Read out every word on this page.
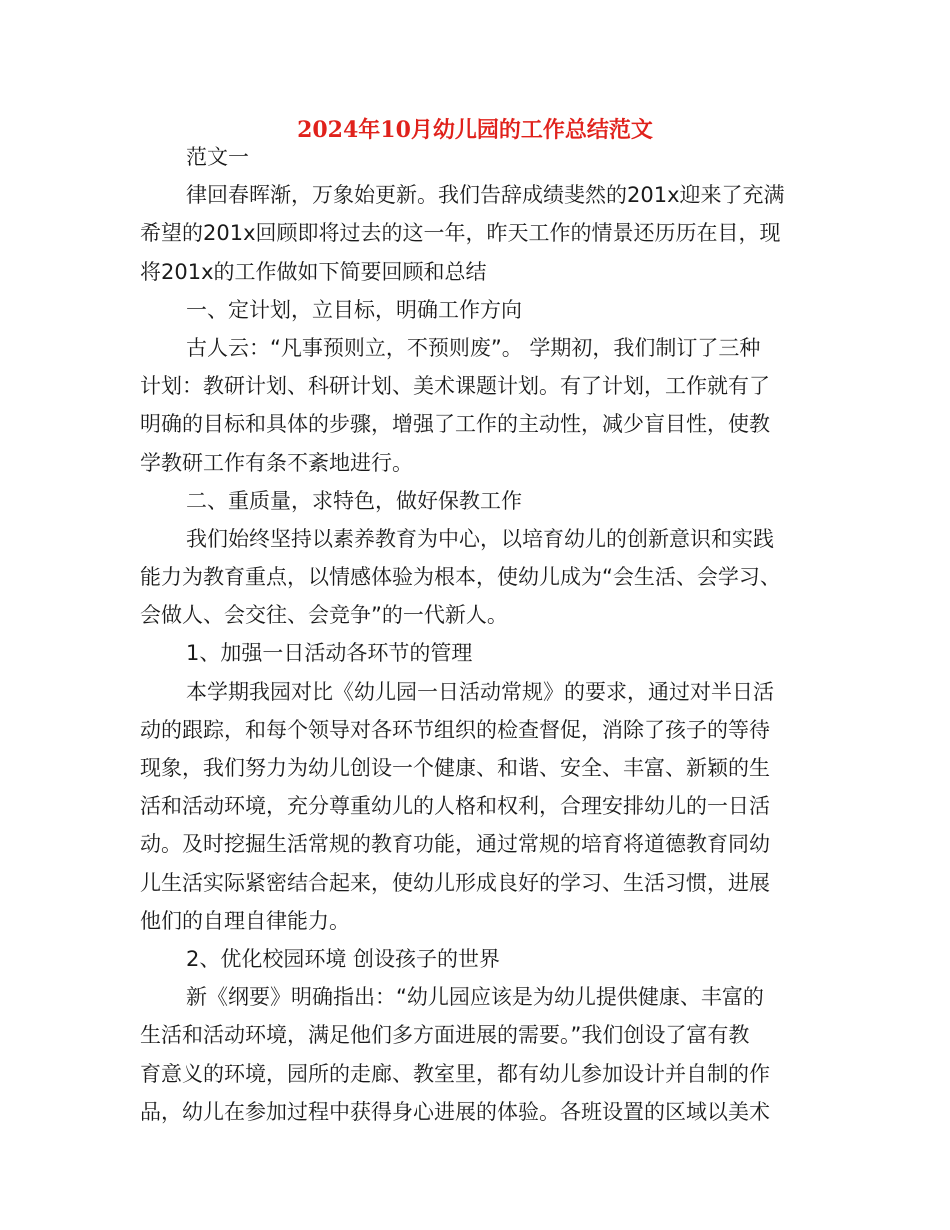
2024年10月幼儿园的工作总结范文
范文一
律回春晖渐，万象始更新。我们告辞成绩斐然的201x迎来了充满
希望的201x回顾即将过去的这一年，昨天工作的情景还历历在目，现
将201x的工作做如下简要回顾和总结
一、定计划，立目标，明确工作方向
古人云：“凡事预则立，不预则废”。 学期初，我们制订了三种
计划：教研计划、科研计划、美术课题计划。有了计划，工作就有了
明确的目标和具体的步骤，增强了工作的主动性，减少盲目性，使教
学教研工作有条不紊地进行。
二、重质量，求特色，做好保教工作
我们始终坚持以素养教育为中心，以培育幼儿的创新意识和实践
能力为教育重点，以情感体验为根本，使幼儿成为“会生活、会学习、
会做人、会交往、会竞争”的一代新人。
1、加强一日活动各环节的管理
本学期我园对比《幼儿园一日活动常规》的要求，通过对半日活
动的跟踪，和每个领导对各环节组织的检查督促，消除了孩子的等待
现象，我们努力为幼儿创设一个健康、和谐、安全、丰富、新颖的生
活和活动环境，充分尊重幼儿的人格和权利，合理安排幼儿的一日活
动。及时挖掘生活常规的教育功能，通过常规的培育将道德教育同幼
儿生活实际紧密结合起来，使幼儿形成良好的学习、生活习惯，进展
他们的自理自律能力。
2、优化校园环境 创设孩子的世界
新《纲要》明确指出：“幼儿园应该是为幼儿提供健康、丰富的
生活和活动环境，满足他们多方面进展的需要。”我们创设了富有教
育意义的环境，园所的走廊、教室里，都有幼儿参加设计并自制的作
品，幼儿在参加过程中获得身心进展的体验。各班设置的区域以美术
